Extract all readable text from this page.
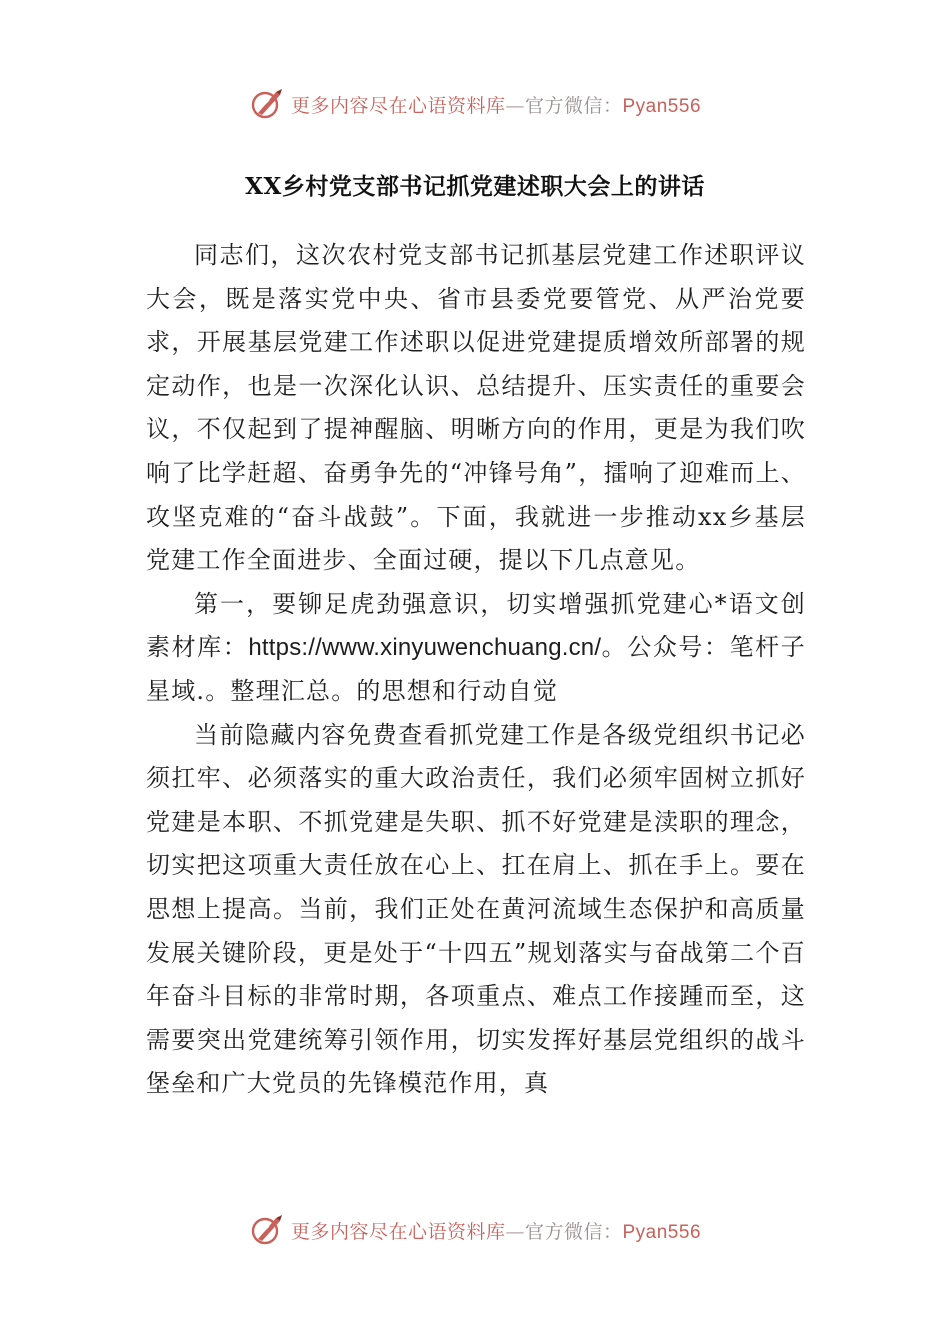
更多内容尽在心语资料库—官方微信：Pyan556
XX乡村党支部书记抓党建述职大会上的讲话

同志们，这次农村党支部书记抓基层党建工作述职评议大会，既是落实党中央、省市县委党要管党、从严治党要求，开展基层党建工作述职以促进党建提质增效所部署的规定动作，也是一次深化认识、总结提升、压实责任的重要会议，不仅起到了提神醒脑、明晰方向的作用，更是为我们吹响了比学赶超、奋勇争先的“冲锋号角”，擂响了迎难而上、攻坚克难的“奋斗战鼓”。下面，我就进一步推动xx乡基层党建工作全面进步、全面过硬，提以下几点意见。

第一，要铆足虎劲强意识，切实增强抓党建心*语文创素材库：https://www.xinyuwenchuang.cn/。公众号：笔杆子星域.。整理汇总。的思想和行动自觉

当前隐藏内容免费查看抓党建工作是各级党组织书记必须扛牢、必须落实的重大政治责任，我们必须牢固树立抓好党建是本职、不抓党建是失职、抓不好党建是渎职的理念，切实把这项重大责任放在心上、扛在肩上、抓在手上。要在思想上提高。当前，我们正处在黄河流域生态保护和高质量发展关键阶段，更是处于“十四五”规划落实与奋战第二个百年奋斗目标的非常时期，各项重点、难点工作接踵而至，这需要突出党建统筹引领作用，切实发挥好基层党组织的战斗堡垒和广大党员的先锋模范作用，真

更多内容尽在心语资料库—官方微信：Pyan556
